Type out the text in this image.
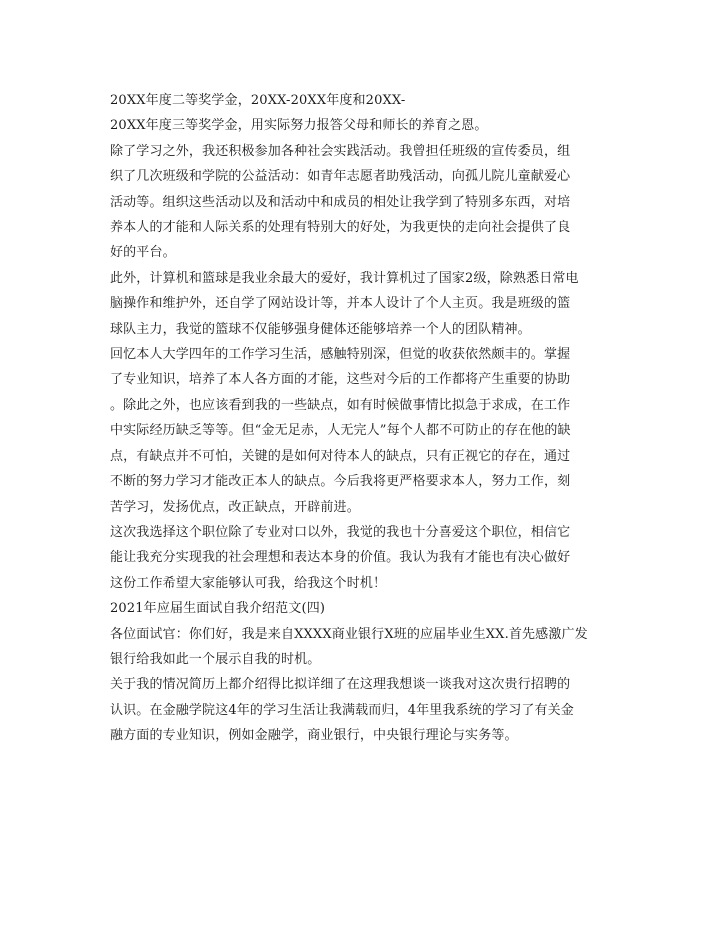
20XX年度二等奖学金，20XX-20XX年度和20XX-
20XX年度三等奖学金，用实际努力报答父母和师长的养育之恩。
除了学习之外，我还积极参加各种社会实践活动。我曾担任班级的宣传委员，组
织了几次班级和学院的公益活动：如青年志愿者助残活动，向孤儿院儿童献爱心
活动等。组织这些活动以及和活动中和成员的相处让我学到了特别多东西，对培
养本人的才能和人际关系的处理有特别大的好处，为我更快的走向社会提供了良
好的平台。
此外，计算机和篮球是我业余最大的爱好，我计算机过了国家2级，除熟悉日常电
脑操作和维护外，还自学了网站设计等，并本人设计了个人主页。我是班级的篮
球队主力，我觉的篮球不仅能够强身健体还能够培养一个人的团队精神。
回忆本人大学四年的工作学习生活，感触特别深，但觉的收获依然颇丰的。掌握
了专业知识，培养了本人各方面的才能，这些对今后的工作都将产生重要的协助
。除此之外，也应该看到我的一些缺点，如有时候做事情比拟急于求成，在工作
中实际经历缺乏等等。但“金无足赤，人无完人”每个人都不可防止的存在他的缺
点，有缺点并不可怕，关键的是如何对待本人的缺点，只有正视它的存在，通过
不断的努力学习才能改正本人的缺点。今后我将更严格要求本人，努力工作，刻
苦学习，发扬优点，改正缺点，开辟前进。
这次我选择这个职位除了专业对口以外，我觉的我也十分喜爱这个职位，相信它
能让我充分实现我的社会理想和表达本身的价值。我认为我有才能也有决心做好
这份工作希望大家能够认可我，给我这个时机！
2021年应届生面试自我介绍范文(四)
各位面试官：你们好，我是来自XXXX商业银行X班的应届毕业生XX.首先感激广发
银行给我如此一个展示自我的时机。
关于我的情况简历上都介绍得比拟详细了在这理我想谈一谈我对这次贵行招聘的
认识。在金融学院这4年的学习生活让我满载而归，4年里我系统的学习了有关金
融方面的专业知识，例如金融学，商业银行，中央银行理论与实务等。
